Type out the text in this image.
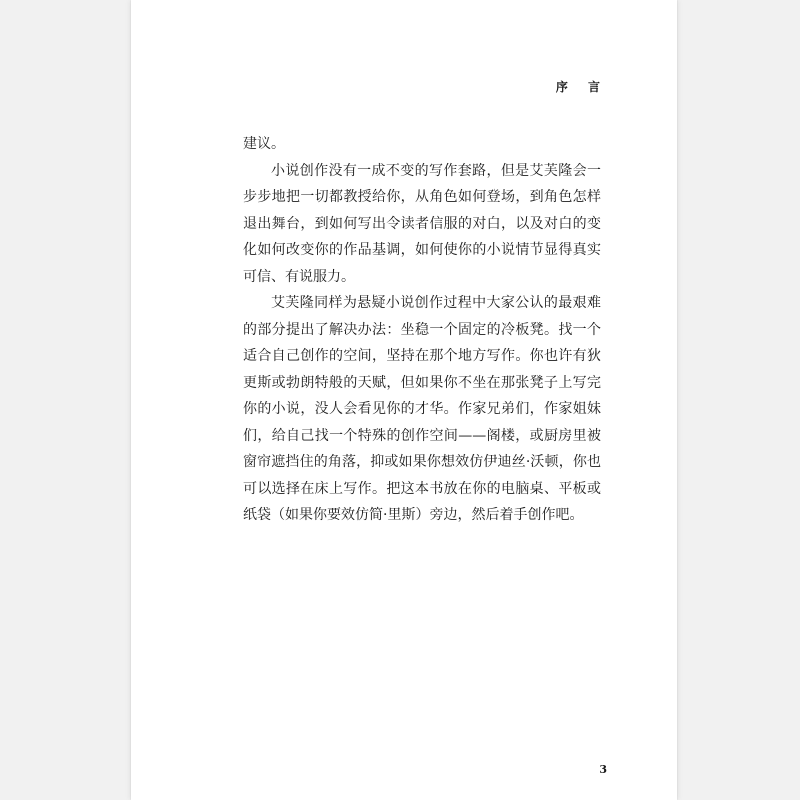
序 言

建议。

小说创作没有一成不变的写作套路，但是艾芙隆会一步步地把一切都教授给你，从角色如何登场，到角色怎样退出舞台，到如何写出令读者信服的对白，以及对白的变化如何改变你的作品基调，如何使你的小说情节显得真实可信、有说服力。

艾芙隆同样为悬疑小说创作过程中大家公认的最艰难的部分提出了解决办法：坐稳一个固定的冷板凳。找一个适合自己创作的空间，坚持在那个地方写作。你也许有狄更斯或勃朗特般的天赋，但如果你不坐在那张凳子上写完你的小说，没人会看见你的才华。作家兄弟们，作家姐妹们，给自己找一个特殊的创作空间——阁楼，或厨房里被窗帘遮挡住的角落，抑或如果你想效仿伊迪丝·沃顿，你也可以选择在床上写作。把这本书放在你的电脑桌、平板或纸袋（如果你要效仿简·里斯）旁边，然后着手创作吧。

3
